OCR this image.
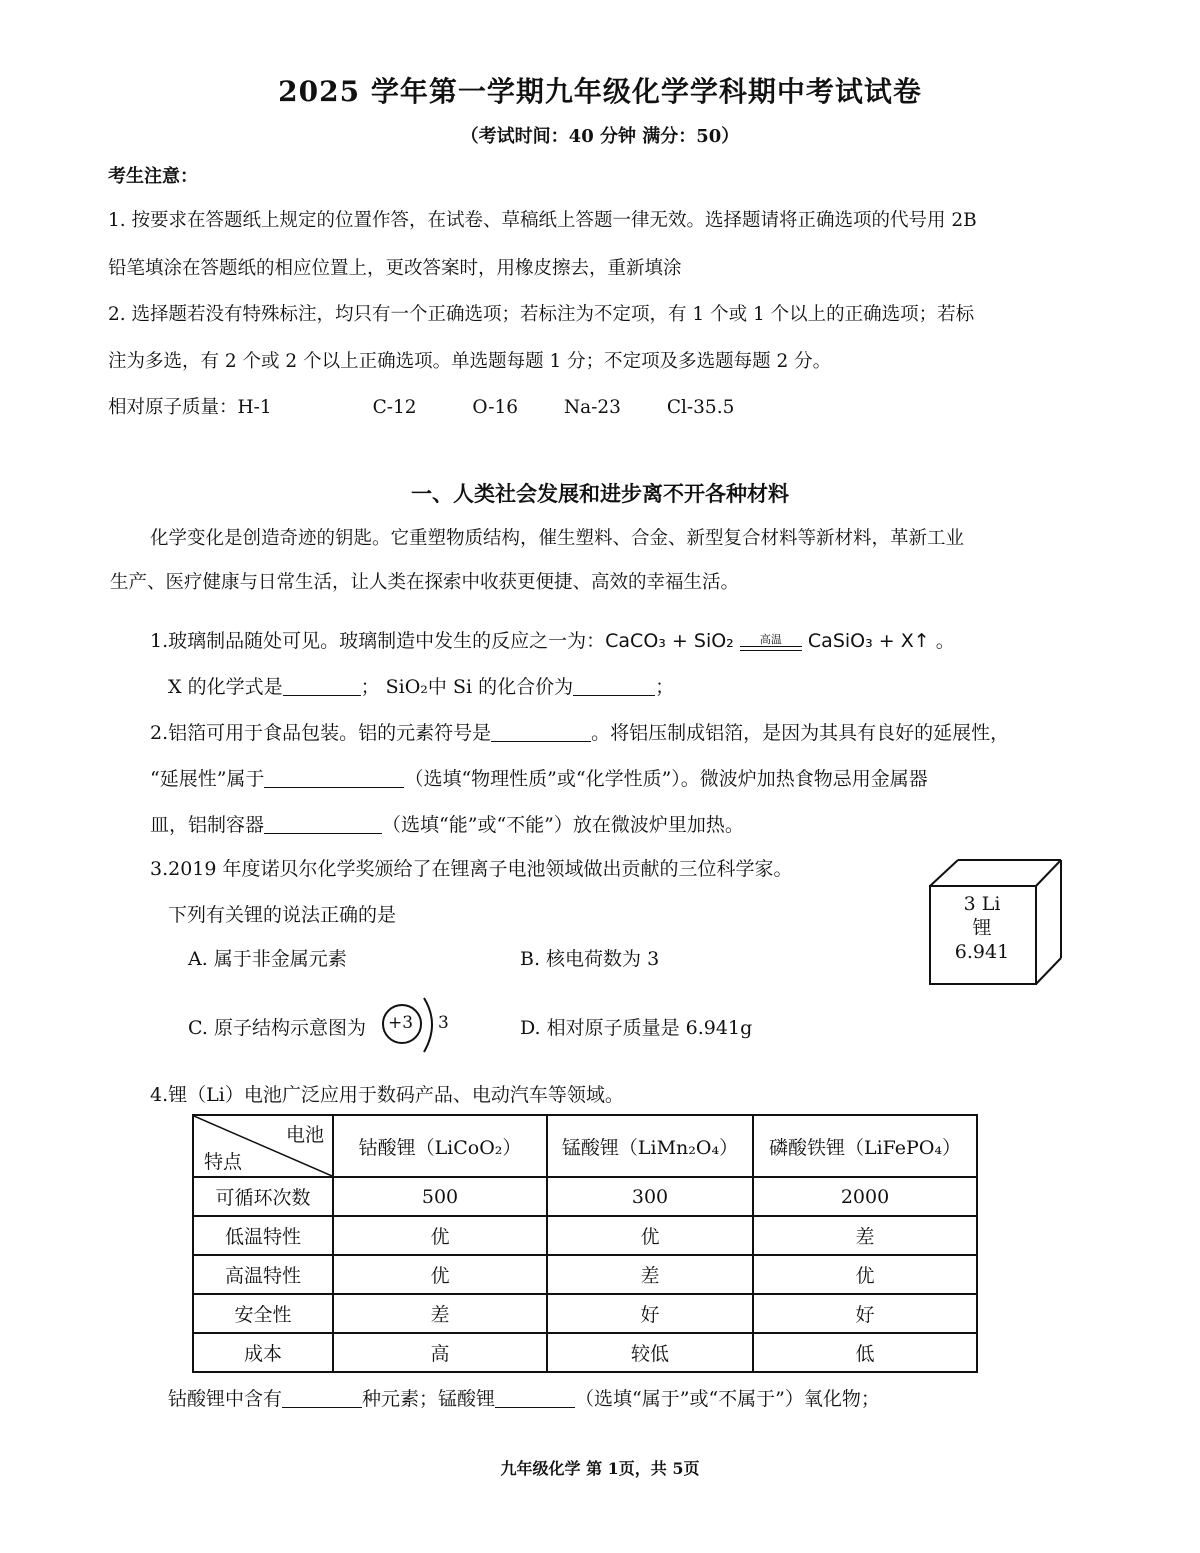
2025 学年第一学期九年级化学学科期中考试试卷
（考试时间：40 分钟 满分：50）
考生注意：
1. 按要求在答题纸上规定的位置作答，在试卷、草稿纸上答题一律无效。选择题请将正确选项的代号用 2B
铅笔填涂在答题纸的相应位置上，更改答案时，用橡皮擦去，重新填涂
2. 选择题若没有特殊标注，均只有一个正确选项；若标注为不定项，有 1 个或 1 个以上的正确选项；若标
注为多选，有 2 个或 2 个以上正确选项。单选题每题 1 分；不定项及多选题每题 2 分。
相对原子质量：H-1	C-12	O-16 Na-23 Cl-35.5
一、人类社会发展和进步离不开各种材料
化学变化是创造奇迹的钥匙。它重塑物质结构，催生塑料、合金、新型复合材料等新材料，革新工业
生产、医疗健康与日常生活，让人类在探索中收获更便捷、高效的幸福生活。
1.玻璃制品随处可见。玻璃制造中发生的反应之一为：CaCO₃ + SiO₂	高温	CaSiO₃ + X↑ 。
X 的化学式是	； SiO₂中 Si 的化合价为	；
2.铝箔可用于食品包装。铝的元素符号是	。将铝压制成铝箔，是因为其具有良好的延展性，
“延展性”属于	（选填“物理性质”或“化学性质”）。微波炉加热食物忌用金属器
皿，铝制容器	（选填“能”或“不能”）放在微波炉里加热。
3.2019 年度诺贝尔化学奖颁给了在锂离子电池领域做出贡献的三位科学家。
下列有关锂的说法正确的是
A. 属于非金属元素	B. 核电荷数为 3
C. 原子结构示意图为 +3 3	D. 相对原子质量是 6.941g
3 Li
锂
6.941
4.锂（Li）电池广泛应用于数码产品、电动汽车等领域。
电池
特点	钴酸锂（LiCoO₂）	锰酸锂（LiMn₂O₄）	磷酸铁锂（LiFePO₄）
可循环次数	500	300	2000
低温特性	优	优	差
高温特性	优	差	优
安全性	差	好	好
成本	高	较低	低
钴酸锂中含有	种元素；锰酸锂	（选填“属于”或“不属于”）氧化物；
九年级化学 第 1页，共 5页
